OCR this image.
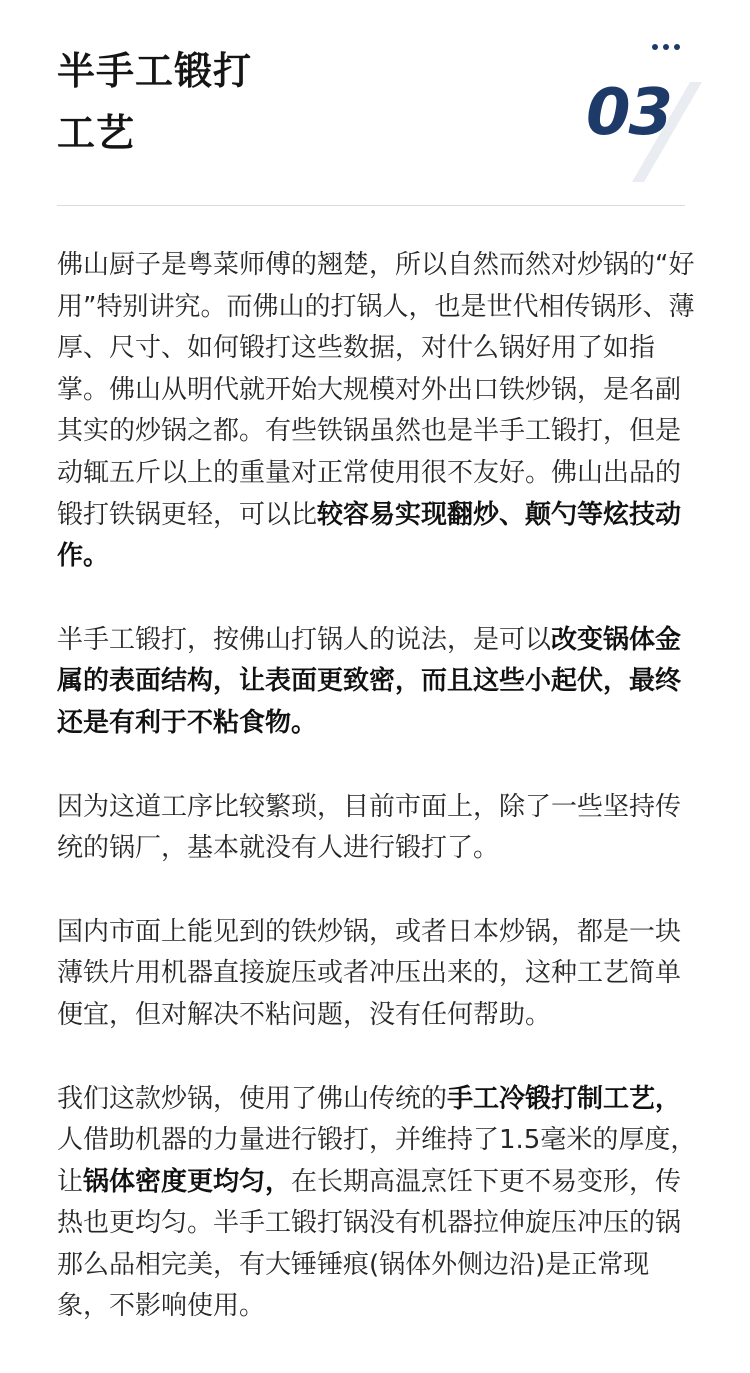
半手工锻打
工艺	03

佛山厨子是粤菜师傅的翘楚，所以自然而然对炒锅的“好用”特别讲究。而佛山的打锅人，也是世代相传锅形、薄厚、尺寸、如何锻打这些数据，对什么锅好用了如指掌。佛山从明代就开始大规模对外出口铁炒锅，是名副其实的炒锅之都。有些铁锅虽然也是半手工锻打，但是动辄五斤以上的重量对正常使用很不友好。佛山出品的锻打铁锅更轻，可以比较容易实现翻炒、颠勺等炫技动作。

半手工锻打，按佛山打锅人的说法，是可以改变锅体金属的表面结构，让表面更致密，而且这些小起伏，最终还是有利于不粘食物。

因为这道工序比较繁琐，目前市面上，除了一些坚持传统的锅厂，基本就没有人进行锻打了。

国内市面上能见到的铁炒锅，或者日本炒锅，都是一块薄铁片用机器直接旋压或者冲压出来的，这种工艺简单便宜，但对解决不粘问题，没有任何帮助。

我们这款炒锅，使用了佛山传统的手工冷锻打制工艺，人借助机器的力量进行锻打，并维持了1.5毫米的厚度，让锅体密度更均匀，在长期高温烹饪下更不易变形，传热也更均匀。半手工锻打锅没有机器拉伸旋压冲压的锅那么品相完美，有大锤锤痕(锅体外侧边沿)是正常现象，不影响使用。
